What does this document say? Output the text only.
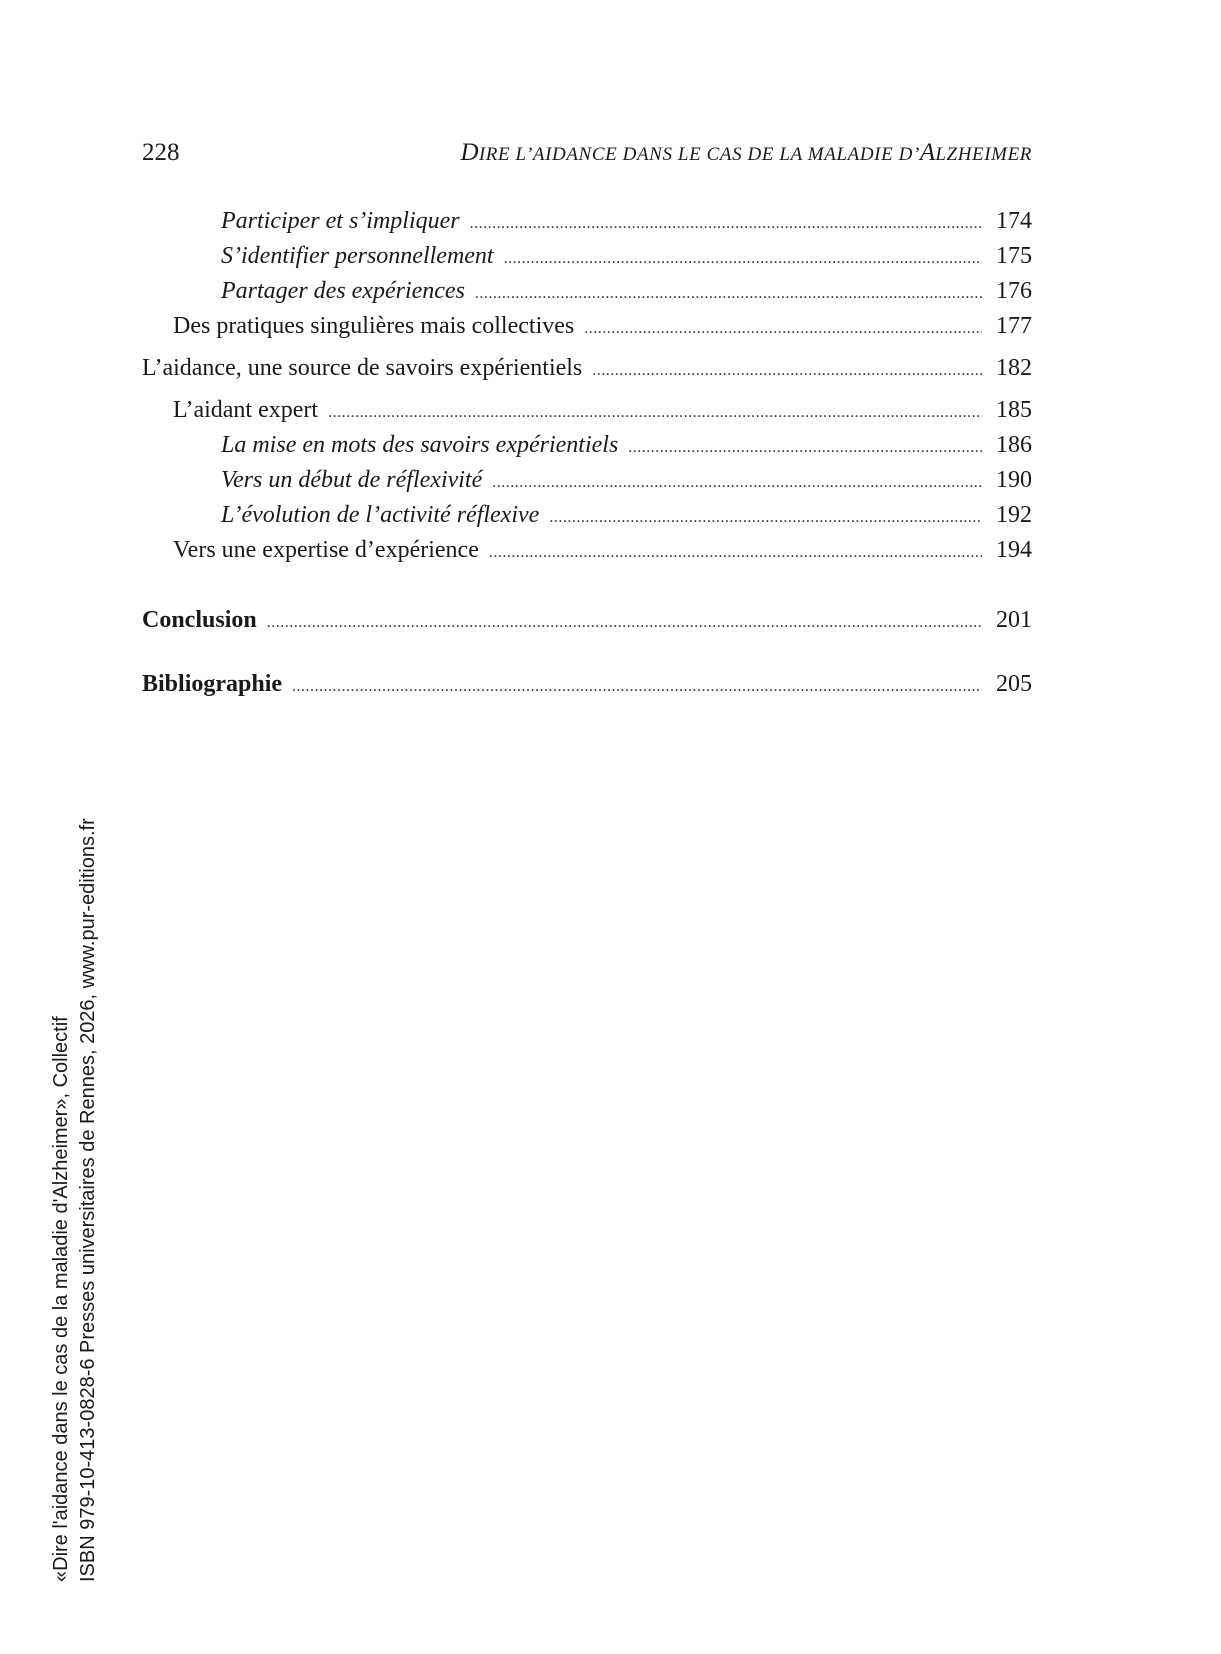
228	DIRE L’AIDANCE DANS LE CAS DE LA MALADIE D’ALZHEIMER
Participer et s’impliquer .....	174
S’identifier personnellement .....	175
Partager des expériences .....	176
Des pratiques singulières mais collectives .....	177
L’aidance, une source de savoirs expérientiels .....	182
L’aidant expert .....	185
La mise en mots des savoirs expérientiels .....	186
Vers un début de réflexivité .....	190
L’évolution de l’activité réflexive .....	192
Vers une expertise d’expérience .....	194
Conclusion .....	201
Bibliographie .....	205
«Dire l'aidance dans le cas de la maladie d'Alzheimer», Collectif ISBN 979-10-413-0828-6 Presses universitaires de Rennes, 2026, www.pur-editions.fr
